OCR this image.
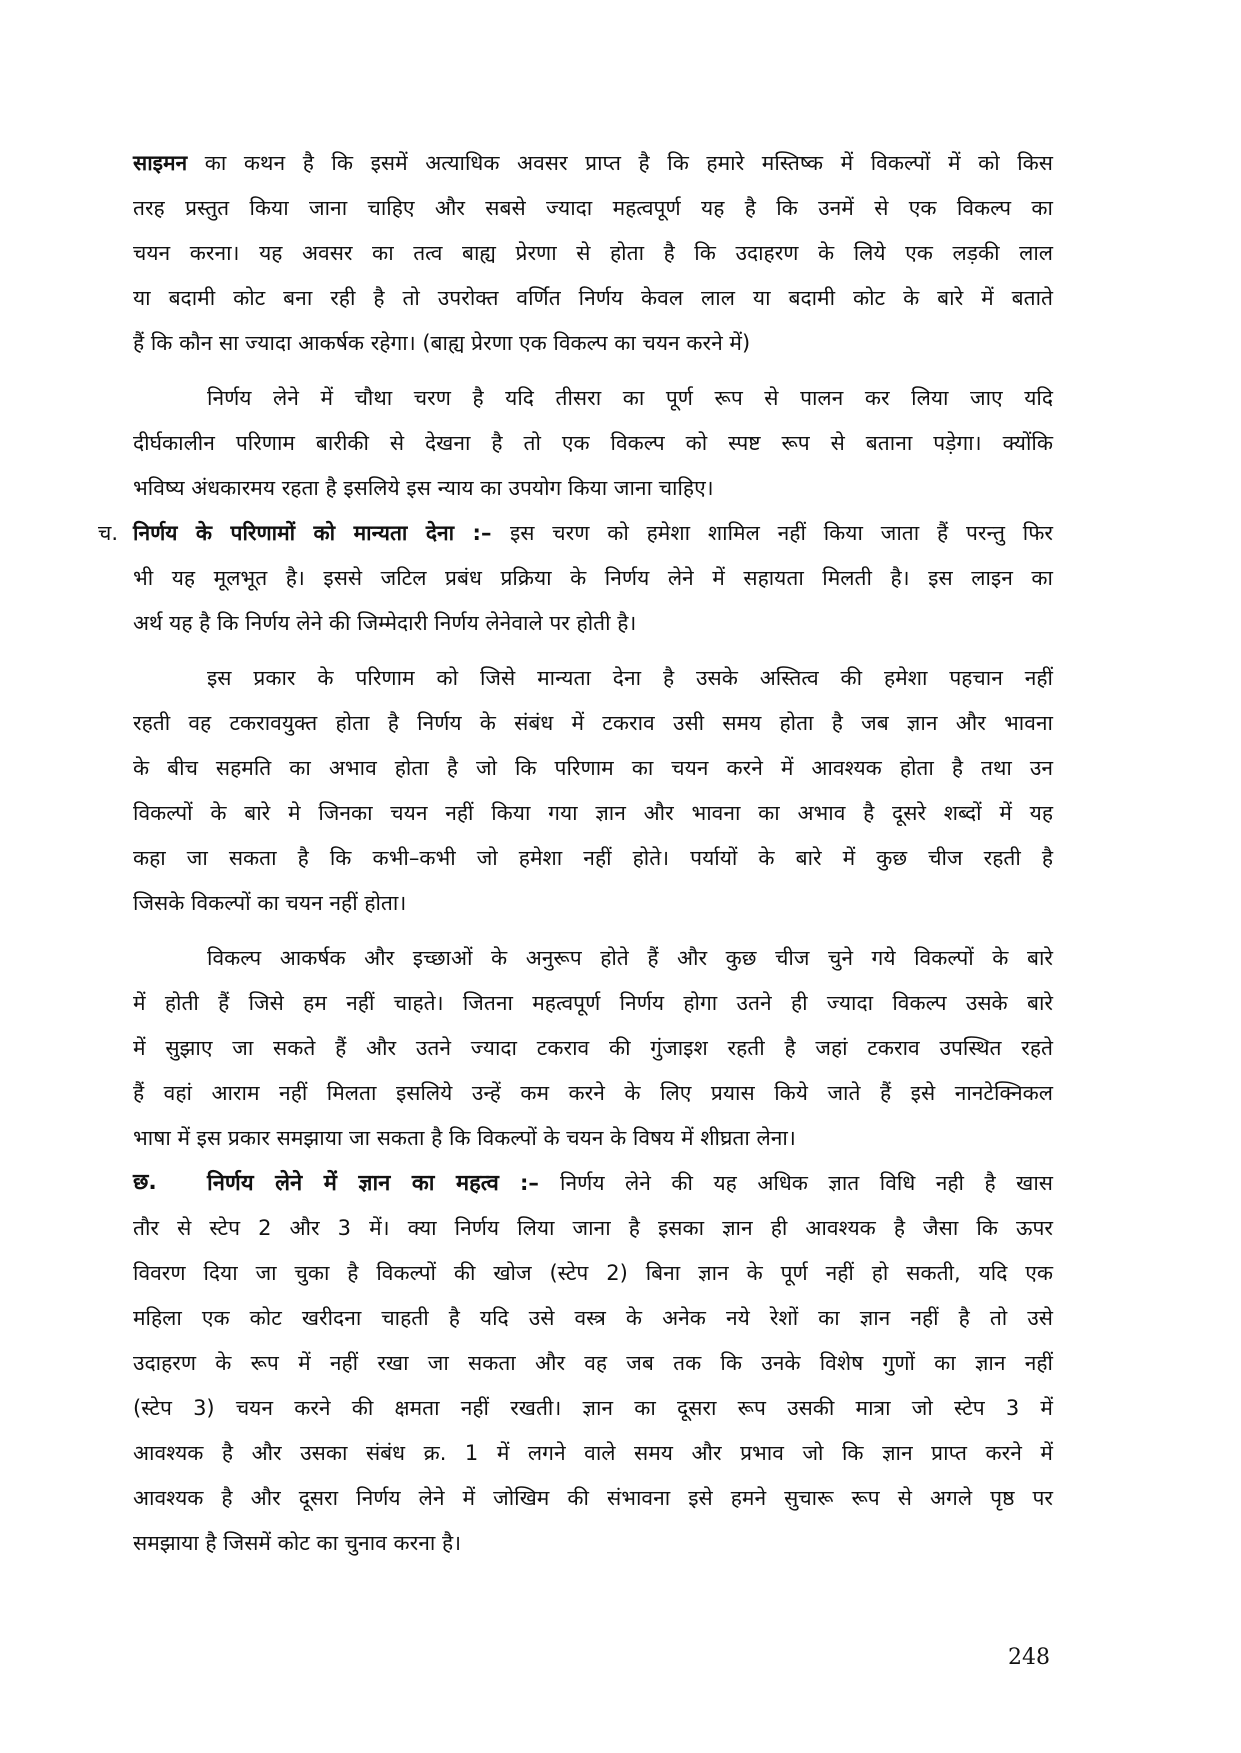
साइमन का कथन है कि इसमें अत्याधिक अवसर प्राप्त है कि हमारे मस्तिष्क में विकल्पों में को किस
तरह प्रस्तुत किया जाना चाहिए और सबसे ज्यादा महत्वपूर्ण यह है कि उनमें से एक विकल्प का
चयन करना। यह अवसर का तत्व बाह्य प्रेरणा से होता है कि उदाहरण के लिये एक लड़की लाल
या बदामी कोट बना रही है तो उपरोक्त वर्णित निर्णय केवल लाल या बदामी कोट के बारे में बताते
हैं कि कौन सा ज्यादा आकर्षक रहेगा। (बाह्य प्रेरणा एक विकल्प का चयन करने में)
निर्णय लेने में चौथा चरण है यदि तीसरा का पूर्ण रूप से पालन कर लिया जाए यदि
दीर्घकालीन परिणाम बारीकी से देखना है तो एक विकल्प को स्पष्ट रूप से बताना पड़ेगा। क्योंकि
भविष्य अंधकारमय रहता है इसलिये इस न्याय का उपयोग किया जाना चाहिए।
च. निर्णय के परिणामों को मान्यता देना :– इस चरण को हमेशा शामिल नहीं किया जाता हैं परन्तु फिर
भी यह मूलभूत है। इससे जटिल प्रबंध प्रक्रिया के निर्णय लेने में सहायता मिलती है। इस लाइन का
अर्थ यह है कि निर्णय लेने की जिम्मेदारी निर्णय लेनेवाले पर होती है।
इस प्रकार के परिणाम को जिसे मान्यता देना है उसके अस्तित्व की हमेशा पहचान नहीं
रहती वह टकरावयुक्त होता है निर्णय के संबंध में टकराव उसी समय होता है जब ज्ञान और भावना
के बीच सहमति का अभाव होता है जो कि परिणाम का चयन करने में आवश्यक होता है तथा उन
विकल्पों के बारे मे जिनका चयन नहीं किया गया ज्ञान और भावना का अभाव है दूसरे शब्दों में यह
कहा जा सकता है कि कभी–कभी जो हमेशा नहीं होते। पर्यायों के बारे में कुछ चीज रहती है
जिसके विकल्पों का चयन नहीं होता।
विकल्प आकर्षक और इच्छाओं के अनुरूप होते हैं और कुछ चीज चुने गये विकल्पों के बारे
में होती हैं जिसे हम नहीं चाहते। जितना महत्वपूर्ण निर्णय होगा उतने ही ज्यादा विकल्प उसके बारे
में सुझाए जा सकते हैं और उतने ज्यादा टकराव की गुंजाइश रहती है जहां टकराव उपस्थित रहते
हैं वहां आराम नहीं मिलता इसलिये उन्हें कम करने के लिए प्रयास किये जाते हैं इसे नानटेक्निकल
भाषा में इस प्रकार समझाया जा सकता है कि विकल्पों के चयन के विषय में शीघ्रता लेना।
छ. निर्णय लेने में ज्ञान का महत्व :– निर्णय लेने की यह अधिक ज्ञात विधि नही है खास
तौर से स्टेप 2 और 3 में। क्या निर्णय लिया जाना है इसका ज्ञान ही आवश्यक है जैसा कि ऊपर
विवरण दिया जा चुका है विकल्पों की खोज (स्टेप 2) बिना ज्ञान के पूर्ण नहीं हो सकती, यदि एक
महिला एक कोट खरीदना चाहती है यदि उसे वस्त्र के अनेक नये रेशों का ज्ञान नहीं है तो उसे
उदाहरण के रूप में नहीं रखा जा सकता और वह जब तक कि उनके विशेष गुणों का ज्ञान नहीं
(स्टेप 3) चयन करने की क्षमता नहीं रखती। ज्ञान का दूसरा रूप उसकी मात्रा जो स्टेप 3 में
आवश्यक है और उसका संबंध क्र. 1 में लगने वाले समय और प्रभाव जो कि ज्ञान प्राप्त करने में
आवश्यक है और दूसरा निर्णय लेने में जोखिम की संभावना इसे हमने सुचारू रूप से अगले पृष्ठ पर
समझाया है जिसमें कोट का चुनाव करना है।
248
